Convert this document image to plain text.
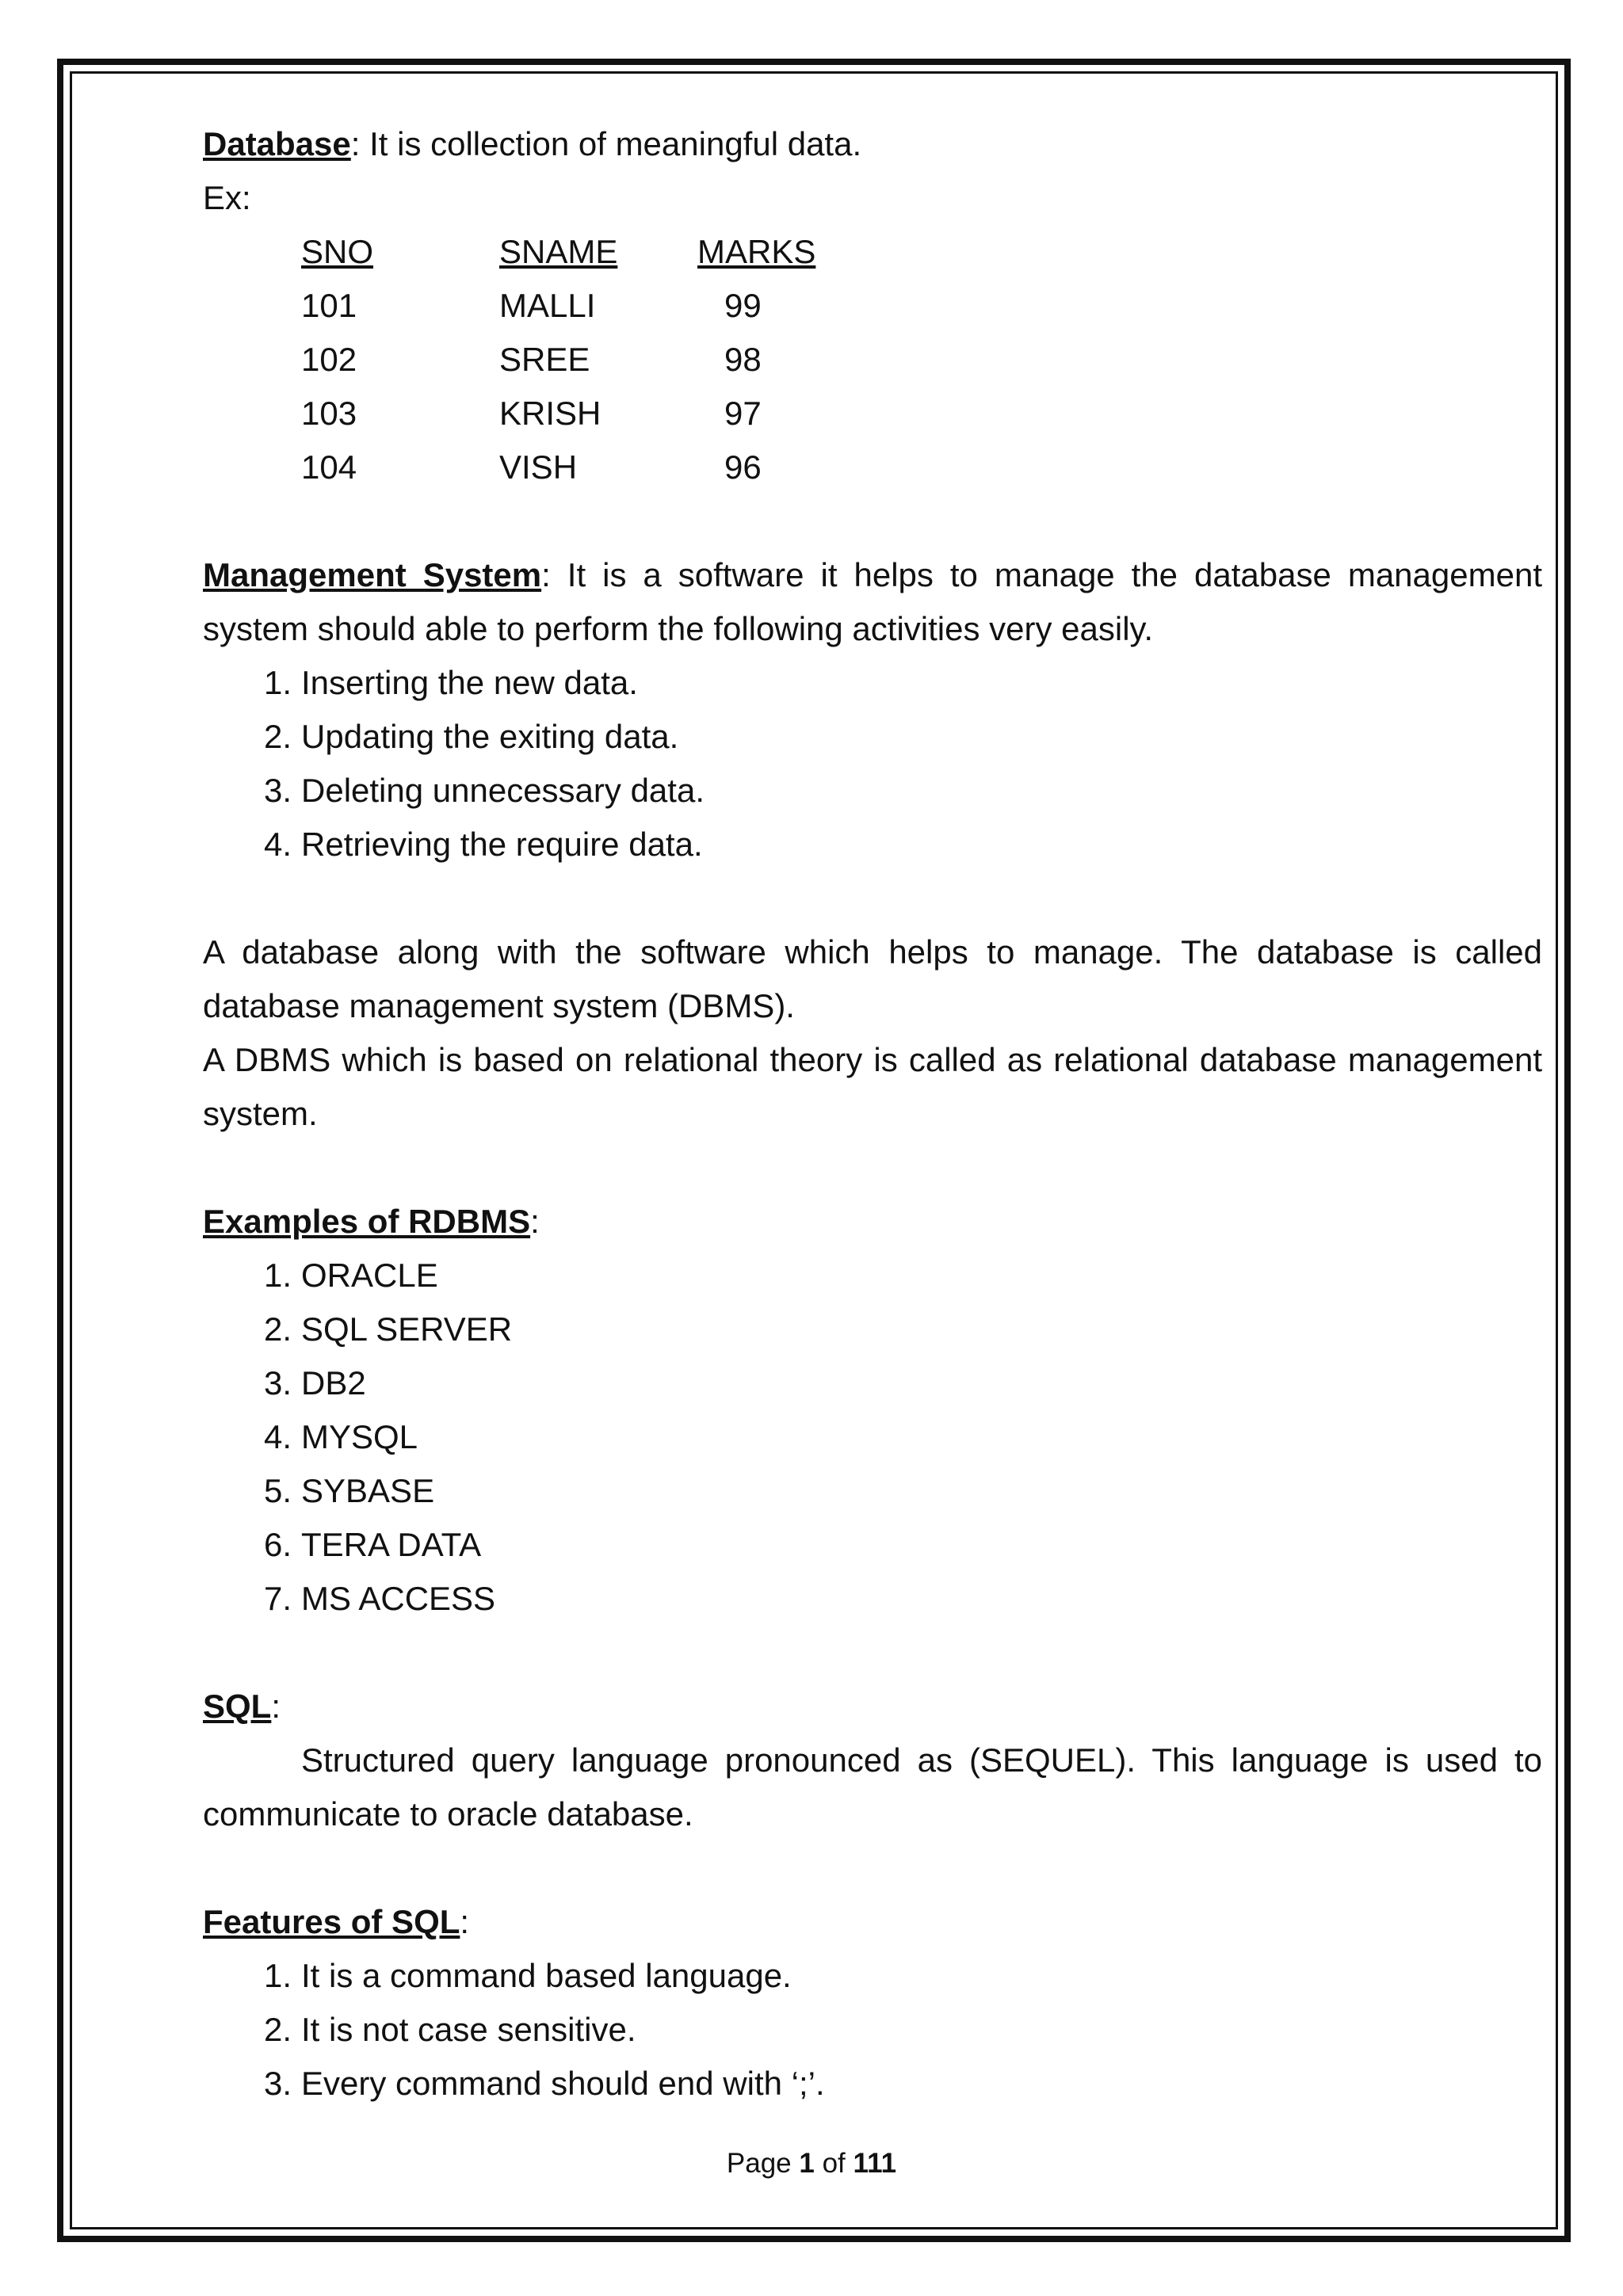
Database: It is collection of meaningful data.

Ex:

SNO	SNAME	MARKS
101	MALLI	99
102	SREE	98
103	KRISH	97
104	VISH	96

Management System: It is a software it helps to manage the database management system should able to perform the following activities very easily.

1. Inserting the new data.
2. Updating the exiting data.
3. Deleting unnecessary data.
4. Retrieving the require data.

A database along with the software which helps to manage. The database is called database management system (DBMS).

A DBMS which is based on relational theory is called as relational database management system.

Examples of RDBMS:

1. ORACLE
2. SQL SERVER
3. DB2
4. MYSQL
5. SYBASE
6. TERA DATA
7. MS ACCESS

SQL:

Structured query language pronounced as (SEQUEL). This language is used to communicate to oracle database.

Features of SQL:

1. It is a command based language.
2. It is not case sensitive.
3. Every command should end with ‘;’.
Page 1 of 111
